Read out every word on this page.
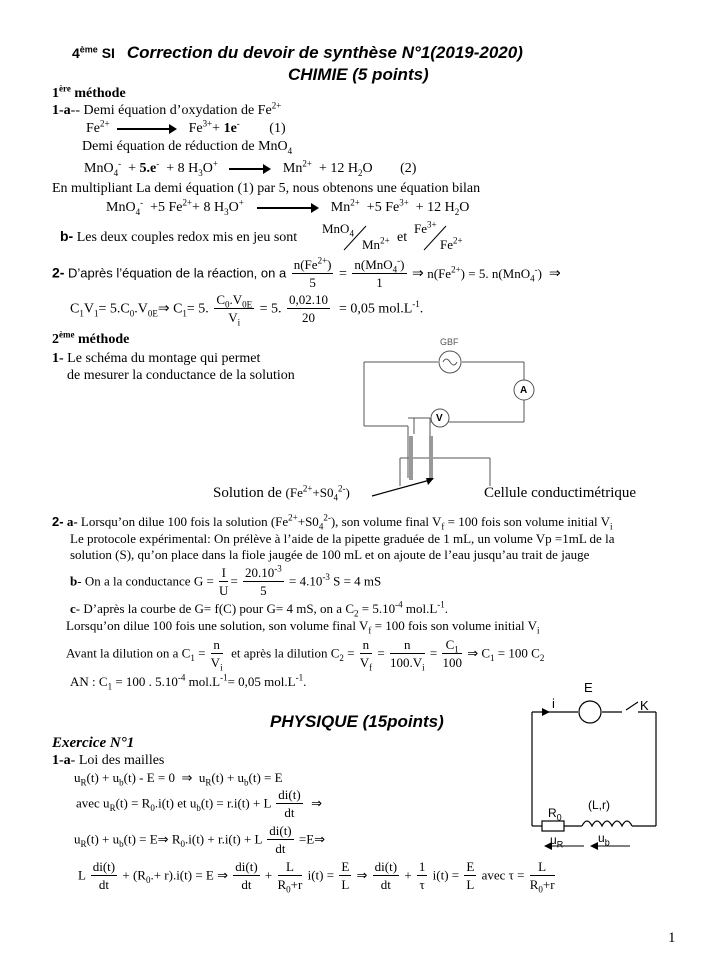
4ème SI Correction du devoir de synthèse N°1(2019-2020)
CHIMIE (5 points)
1ère méthode
1-a-- Demi équation d’oxydation de $Fe^{2+}$
$Fe^{2+}$	$Fe^{3+}+ 1e^-$ (1)
Demi équation de réduction de MnO$_4$
MnO$_4$- + 5.e- + 8 $H_3O^+ \to Mn^{2+} + 12$ $H_2O$ (2)
En multipliant La demi équation (1) par 5, nous obtenons une équation bilan
MnO$_4$- +5 $Fe^{2+}+ 8$ $H_3O^+$	$Mn^{2+} +5$ $Fe^{3+} + 12$ $H_2O$
b- Les deux couples redox mis en jeu sont
MnO$_4$
$Mn^{2+}$ et
$Fe^{3+}$
$Fe^{2+}$
2- D’après l’équation de la réaction, on a $\frac{n(Fe^{2+})}{5}$ =
n(MnO$_4$-)
1
⇒ $n(Fe^{2+}) = 5$. n(MnO$_4$-)  ⇒
$C_1V_1=$ $5.C_0.V_{0E}\Rightarrow$ $C_1= 5$. $\frac{C_0.V_{0E}}{V_i} = 5$. $\frac{0,02.10}{20} = 0,05$ $mol.L^{-1}$.
2ème méthode
1- Le schéma du montage qui permet
de mesurer la conductance de la solution
GBF
A
V
Solution de $(Fe^{2+}+S0_4^{2-})$	Cellule conductimétrique
2- a- Lorsqu’on dilue 100 fois la solution $(Fe^{2+}+S0_4^{2-})$, son volume final $V_f = 100$ fois son volume initial $V_i$
Le protocole expérimental: On prélève à l’aide de la pipette graduée de 1 mL, un volume Vp =1mL de la
solution (S), qu’on place dans la fiole jaugée de 100 mL et on ajoute de l’eau jusqu’au trait de jauge
b- On a la conductance $G = \frac{I}{U} = \frac{20.10^{-3}}{5} = 4.10^{-3}$ S = 4 mS
c- D’après la courbe de G= f(C) pour G= 4 mS, on a $C_2 = 5.10^{-4}$ $mol.L^{-1}$.
Lorsqu’on dilue 100 fois une solution, son volume final $V_f = 100$ fois son volume initial $V_i$
Avant la dilution on a $C_1 = \frac{n}{V_i}$ et après la dilution $C_2 = \frac{n}{V_f} = \frac{n}{100.V_i} = \frac{C_1}{100}$ ⇒ $C_1 = 100$ $C_2$
AN : $C_1 = 100$ . $5.10^{-4}$ $mol.L^{-1}= 0,05$ $mol.L^{-1}$.
PHYSIQUE (15points)
Exercice N°1
1-a- Loi des mailles
$u_R(t) + u_b(t) - E = 0$  ⇒  $u_R(t) + u_b(t) = E$
avec $u_R(t) = R_0.i(t)$ et $u_b(t) = r.i(t) + L \frac{di(t)}{dt}$ ⇒
$u_R(t) + u_b(t)$ = E⇒ $R_0.i(t) + r.i(t) + L \frac{di(t)}{dt}$ =E⇒
L $\frac{di(t)}{dt} + (R_0.+ r).i(t) = E$ ⇒ $\frac{di(t)}{dt} + \frac{L}{R_0+r} i(t) = \frac{E}{L}$ ⇒ $\frac{di(t)}{dt} + \frac{1}{\tau} i(t) = \frac{E}{L}$ avec $\tau = \frac{L}{R_0+r}$
E
i	K
$R_0$
(L,r)
$u_R$	$u_b$
1
